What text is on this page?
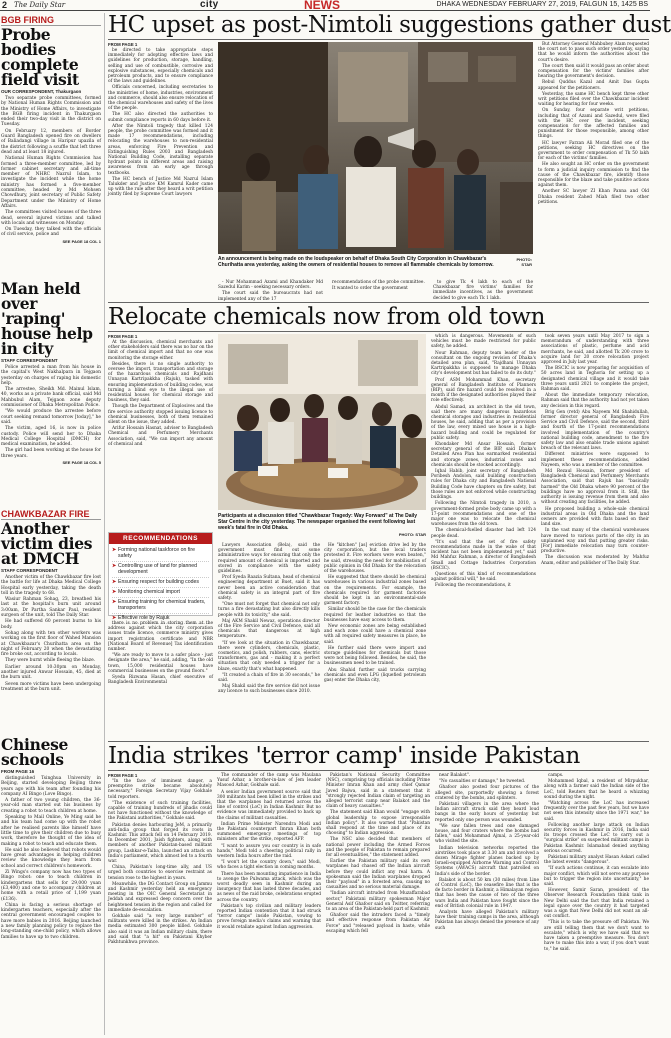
2 The Daily Star	city	NEWS	DHAKA WEDNESDAY FEBRUARY 27, 2019, FALGUN 15, 1425 BS
BGB FIRING
Probe bodies complete field visit
OUR CORRESPONDENT, Thakurgaon

Two separate probe committees, formed by National Human Rights Commission and the Ministry of Home Affairs, to investigate the BGB firing incident in Thakurgaon ended their two-day visit in the district on Tuesday.

On February 12, members of Border Guard Bangladesh opened fire on dwellers of Baliadangi village in Haripur upazila of the district following a scuffle that left three dead and at least 18 injured.

National Human Rights Commission has formed a three-member committee, led by former cabinet secretary and all-time member of NHRC Nazrul Islam, to investigate the incident while the home ministry has formed a five-member committee, headed by Md Mohsen Chowdhury, joint secretary of Public Safety Department under the Ministry of Home Affairs.

The committees visited houses of the three dead, several injured victims and talked with locals and witnesses on Monday.

On Tuesday, they talked with the officials of civil service, police and

SEE PAGE 18 COL 1
Man held over 'raping' house help in city
STAFF CORRESPONDENT

Police arrested a man from his house in the capital's West Nakhalpara in Tejgaon yesterday on charges of raping his domestic help.

The arrestee, Sheikh Md. Mainul Islam, 40, works as a private bank official, said Md Mahbubul Alam, Tejgaon zone deputy commissioner of Dhaka Metropolitan Police.

"We would produce the arrestee before court seeking remand tomorrow [today]," he said.

The victim, aged 16, is now in police custody. Police will send her to Dhaka Medical College Hospital (DMCH) for medical examination, he added.

The girl had been working at the house for three years.

SEE PAGE 18 COL 5
CHAWKBAZAR FIRE
Another victim dies at DMCH
STAFF CORRESPONDENT

Another victim of the Chawkbazar fire lost the battle for life at Dhaka Medical College Hospital early yesterday, taking the death toll in the tragedy to 68.

Wasiur Rahman Sohag, 23, breathed his last at the hospital's burn unit around 3:00am, Dr Partha Sankar Paul, resident surgeon of the unit, told The Daily Star.

He had suffered 60 percent burns to his body.

Sohag along with ten other workers was working on the first floor of Wahed Mansion at Chawkbazar's Churihatta area on the night of February 20 when the devastating fire broke out, according to locals.

They were burnt while fleeing the blaze.

Earlier around 10:30pm on Monday, another injured Anwar Hossain, 45, died at the burn unit.

Seven more victims have been undergoing treatment at the burn unit.

Chinese schools
FROM PAGE 16

distinguished Tsinghua University in Beijing, started developing Beijing three years ago with his team after founding his company AI Bingo (Love Bingo).

A father of two young children, the 36-year-old man started out his business by creating a robot to teach children at home.

Speaking to Mail Online, Ye Ming said he and his team had come up with the robot after he realised parents like himself have little time to give their children due to busy work, therefore he thought of the idea of making a robot to teach and educate them.

He said he also believed that robots would have great advantages in helping children review the knowledge they learn from school and correct children's homework.

Zi Wings's company now has two types of Bingo robot: one to teach children in kindergartens that sells for 29,000 yuan (£3,400) and one to accompany children at home with a retail price of 1,199 yuan (£136).

China is facing a serious shortage of kindergarten teachers, especially after the central government encouraged couples to have more babies in 2016. Beijing launched a new family planning policy to replace the long-standing one-child policy, which allows families to have up to two children.

HC upset as post-Nimtoli suggestions gather dust
FROM PAGE 1

be directed to take appropriate steps immediately for adopting effective laws and guidelines for production, storage, handling, selling and use of combustible, corrosive and explosive substances, especially chemicals and petroleum products, and to ensure compliance of the laws and guidelines.

Officials concerned, including secretaries to the ministries of home, industries, environment and commerce, should also ensure relocation of the chemical warehouses and safety of the lives of the people.

The HC also directed the authorities to submit compliance reports in 60 days before it.

After the Nimtoli tragedy that killed 124 people, the probe committee was formed and it made 17 recommendations, including relocating the warehouses to non-residential areas, enforcing Fire Prevention and Extinguishing Rules 2003 and Bangladesh National Building Code, installing separate hydrant points in different areas and raising awareness from an early age through textbooks.

The HC bench of Justice Md Nazrul Islam Talukder and Justice KM Kamrul Kader came up with the rule after they heard a writ petition jointly filed by Supreme Court lawyers

An announcement is being made on the loudspeaker on behalf of Dhaka South City Corporation in Chawkbazar's Churihatta area yesterday, asking the owners of residential houses to remove all flammable chemicals by tomorrow.
PHOTO: STAR

- Nur Mohammad Azami and Khandaker Md Sazedul Karim - seeking necessary orders.

The court said the bureaucrats had not implemented any of the 17

recommendations of the probe committee.

It wanted to order the government

to give Tk 4 lakh to each of the Chawkbazar fire victims' families for immediate incentives, as the government decided to give each Tk 1 lakh.

But Attorney General Mahbubey Alam requested the court not to pass such order yesterday, saying that he would inform the authorities about the court's desire.

The court then said it would pass an order about compensation for the victims' families after hearing the government's decision.

Rebul Quddus Kazal and Amit Das Gupta appeared for the petitioners.

Yesterday, the same HC bench kept three other writ petitions filed over the Chawkbazar incident waiting for hearing for four weeks.

On Sunday, four separate writ petitions, including that of Azami and Sazedul, were filed with the HC over the incident, seeking compensation for the affected families and punishment for those responsible, among other things.

HC lawyer Farzan Ali Morad filed one of the petitions, seeking HC directives on the government to order compensation of Tk 50 lakh for each of the victims' families.

He also sought an HC order on the government to form a judicial inquiry commission to find the cause of the Chawkbazar fire, identify those responsible for the blaze and take punitive actions against them.

Another SC lawyer ZI Khan Panna and Old Dhaka resident Zahed Miah filed two other petitions.

Relocate chemicals now from old town
FROM PAGE 1

At the discussion, chemical merchants and other stakeholders said there was no bar on the limit of chemical import and that no one was monitoring the storage either.

Besides, there is no single authority to oversee the import, transportation and storage of the hazardous chemicals and Rajdhani Unnayan Kartripakkha (Rajuk), tasked with ensuring implementation of building codes, was turning a blind eye to the illegal use of residential houses for chemical storage and business, they said.

Though the Department of Explosives and the fire service authority stopped issuing licence to chemical businesses, both of them remained silent on the issue, they added.

Arifur Hossain Hasnat, adviser to Bangladesh Chemical and Perfumery Merchants Association, said, "We can import any amount of chemical and

RECOMMENDATIONS
➤ Forming national taskforce on fire safety
➤ Controlling use of land for planned development
➤ Ensuring respect for building codes
➤ Monitoring chemical import
➤ Ensuring training for chemical traders, transporters
➤ Effective role by Rajuk

there is no problem in storing them at the address against which the city corporation issues trade licence, commerce ministry gives import registration certificate and NBR [National Board of Revenue] Tax identification number.

"We are ready to move to a safer place - just designate the area," he said, adding, "In the old town, 15,000 residential houses have commercial businesses on the ground floors."

Syeda Rizwana Hasan, chief executive of Bangladesh Environmental

Participants at a discussion titled "Chawkbazar Tragedy: Way Forward" at The Daily Star Centre in the city yesterday. The newspaper organised the event following last week's fatal fire in Old Dhaka.
PHOTO: STAR

Lawyers Association (Bela), said the government must find out some administrative ways for ensuring that only the required amount of chemical is imported and stored in compliance with the safety guidelines.

Prof Syeda Raazia Sultana, head of chemical engineering department at Buet, said it has never been an active consideration that chemical safety is an integral part of fire safety.

"One must not forget that chemical not only turns a fire devastating but also directly kills people with its toxicity," she said.

Maj AKM Shakil Newaz, operations director of the Fire Service and Civil Defence, said all chemicals that dangerous at high temperature.

"If we look at the situation in Chawkbazar, there were cylinders, chemicals, plastic, cosmetics, and polish, rubbers, cans, electric transformers, gas and - making it a perfect situation that only needed a trigger for a blaze, exactly that's what happened.

"It created a chain of fire in 30 seconds," he said.

Maj Shakil said the fire service did not issue any licence to such businesses since 2010.

He "kitchen" [as] eviction drive led by the city corporation, but the local traders protested it. Fire workers were even beaten," he said, stressing the need for mobilisation of public opinion in Old Dhaka for the relocation of the warehouses.

He suggested that there should be chemical warehouses in various industrial zones based on the requirements. For example, the chemicals required for garment factories should be kept in an environmental-safe garment factory.

Similar should be the case for the chemicals required for leather industries so that the businesses have easy access to them.

New economic zones are being established and each zone could have a chemical zone with all required safety measures in place, he said.

He further said there were import and storage guidelines for chemicals but those were not being followed. Besides, he said, the businessmen need to be trained.

Abu Shahid further said trucks carrying chemicals and even LPG (liquefied petroleum gas) enter the Dhaka city,

which is dangerous. Movements of such vehicles must be made restricted for public safety, he added.

Nour Rahman, deputy team leader of the consultant on the ongoing revision of Dhaka's detailed area plan, said, "Rajdhani Unnayan Kartripakkha is supposed to manage Dhaka city's development but has failed to do its duty."

Prof ASM Mohammad Khan, secretary general of Bangladesh Institute of Planners (BIP), said fire hazard could be resolved in a month if the designated authorities played their role effectively.

Abdul Samad, an architect in the old town, said there are many dangerous hazardous chemical storages and industries in residential houses, he said, adding that as per a provision of the law, every mixed use house is a high-hazard building and could be regulated for public safety.

Khondaker Md Ansar Hossain, former secretary general of the BIP, said Dhaka's Detailed Area Plan has earmarked residential and storage zones, industrial zones and chemicals should be stocked accordingly.

Iqbal Habib, joint secretary of Bangladesh Poribesh Andolon, said building construction rules for Dhaka city and Bangladesh National Building Code have chapters on fire safety, but those rules are not enforced while constructing buildings.

Following the Nimtoli tragedy in 2010, a government-formed probe body came up with a 17-point recommendations and one of the major one was to relocate the chemical warehouses from the old town.

The chemical-fuelled disaster had left 124 people dead.

"It's sad that the set of fire safety recommendations made in the wake of that incident has not been implemented yet," said Md Mahfuz Rahman, a director of Bangladesh Small and Cottage Industries Corporation (BSCIC).

Questions of this kind of recommendations against political will," he said.

Following the recommendations, it

took seven years until May 2017 to sign a memorandum of understanding with three associations of plastic, perfume and acid merchants, he said, and allotted Tk 200 crore to acquire land for 20 crore relocation project approved in July last year.

The BSCIC is now preparing for acquisition of 50 acres land in Teghoria for setting up a designated chemical village and it would take three years until 2021 to complete the project, Rahman said.

About the immediate temporary relocation, Rahman said that the authority had not yet taken any decision in this regard.

Brig Gen (retd) Abu Nayeem Md Shahidullah, former director general of Bangladesh Fire Service and Civil Defence, said the second, third and fourth of the 17-point recommendations involved implementation of the country's national building code, amendment to the fire safety law and also enable trade unions against breach of the relevant laws.

Different ministries were supposed to implement these recommendations, added Nayeem, who was a member of the committee.

Md Rezaul Hossain, former president of Bangladesh Chemical and Perfumery Merchants Association, said that Rajuk has "basically harmed" the Old Dhaka where 90 percent of the buildings have no approval from it. Still, the authority is issuing revenue from them and also without creating any facilities, he added.

He proposed building a whole-sale chemical industrial areas in Old Dhaka and the land owners are provided with flats based on their land size.

In the vast many of the chemical warehouses have moved to various parts of the city in an unplanned way and that putting greater risks. [For] immediate relocation may turn counter-productive.

The discussion was moderated by Mahfuz Anam, editor and publisher of The Daily Star.

India strikes 'terror camp' inside Pakistan
FROM PAGE 1

"In the face of imminent danger, a preemptive strike became absolutely necessary," Foreign Secretary Vijay Gokhale told reporters.

"The existence of such training facilities, capable of training hundreds of jihadis could not have functioned without the knowledge of the Pakistani authorities," Gokhale said.

Pakistan denies harbouring JeM, a primarily anti-India group that forged its roots in Kashmir. This attack fell on 14 February 2019. In December 2001, Jaish fighters, along with members of another Pakistan-based militant group, Lashkar-e-Taiba, launched an attack on India's parliament, which almost led to a fourth war.

China, Pakistan's long-time ally, and US urged both countries to exercise restraint as tension rose to the highest in years.

Meanwhile, the DG Contact Group on Jammu and Kashmir yesterday held an emergency meeting in the OIC General Secretariat in Jeddah and expressed deep concern over the heightened tension in the region and called for immediate de-escalation.

Gokhale said "a very large number" of militants were killed in the strikes. An Indian media estimated 300 people killed. Gokhale also said it was an Indian military claim, there and said that "a hit" on Pakistani Khyber Pakhtunkhwa province.

The commander of the camp was Maulana Yusuf Azhar, a brother-in-law of Jem leader Masood Azhar, Gokhale said.

A senior Indian government source said that 300 militants had been killed in the strikes and that the warplanes had returned across the line of control (LoC) in Indian Kashmir. But no evidence was immediately provided to back up the claims of militant casualties.

Indian Prime Minister Narendra Modi and the Pakistani counterpart Imran Khan both summoned emergency meetings of top ministers after the strike, reported AFP.

"I want to assure you our country is in safe hands," Modi told a cheering political rally in western India hours after the raid.

"I won't let the country down," said Modi, who faces a tight election in coming months.

There has been mounting impatience in India to avenge the Pulwama attack, which was the worst deadly seen in Kashmir during an insurgency that has lasted three decades, and as news of the raid broke, celebrations erupted across the country.

Pakistan's top civilian and military leaders reported Indian contention that it had struck "terror camps" inside Pakistan, vowing to prove foreign media's claims and warning that it would retaliate against Indian aggression.

Pakistan's National Security Committee (NSC), comprising top officials including Prime Minister Imran Khan and army chief Qamar Javed Bajwa, said in a statement that it "strongly rejected Indian claim of targeting an alleged terrorist camp near Balakot and the claim of heavy casualties."

The statement said Khan would "engage with global leadership to expose irresponsible Indian policy". It also warned that "Pakistan shall respond at the time and place of its choosing" to Indian aggression.

The NSC also decided that members of national power including the Armed Forces and the people of Pakistan to remain prepared for all eventualities," the statement added.

Earlier the Pakistan military said its own warplanes had chased off the Indian aircraft before they could inflict any real harm. A spokesman said the Indian warplanes dropped their "payload" in a forested area, causing no casualties and no serious material damage.

"Indian aircraft intruded from Muzaffarabad sector," Pakistani military spokesman Major General Asif Ghafoor said on Twitter, referring to an area of the Pakistan-held part of Kashmir.

Ghafoor said the intruders faced a "timely and effective response from Pakistan Air Force" and "released payload in haste, while escaping which fell

near Balakot".

"No casualties or damage," he tweeted.

Ghafoor also posted four pictures of the alleged site, purportedly showing a forest cratered by the bombs, and splinters.

Pakistani villagers in the area where the Indian aircraft struck said they heard loud bangs in the early hours of yesterday but reported only one person was wounded.

"We saw fallen trees and one damaged house, and four craters where the bombs had fallen," said Mohammad Ajmal, a 25-year-old who visited the site.

Indian television networks reported the airstrikes took place at 3.30 am and involved a dozen Mirage fighter planes backed up by Israeli-equipped Airborne Warning and Control Systems (AWACS) aircraft that patrolled on India's side of the border.

Balakot is about 50 km (30 miles) from Line of Control (LoC), the ceasefire line that is the de facto border in Kashmir, a Himalayan region that has been the cause of two of the three wars India and Pakistan have fought since the end of British colonial rule in 1947.

Analysts have alleged Pakistan's military have their training camps in the area, although Pakistan has always denied the presence of any such

camps.

Mohammed Iqbal, a resident of Mirpukhar, along with a farmer said the Indian side of the LoC, told Reuters that he heard a whizzing sound during the night.

"Watching across the LoC has increased frequently over the past few years, but we have not seen this intensity since the 1971 war," he said.

Following another large attack on Indian security forces in Kashmir in 2016, India said its troops crossed the LoC to carry out a "surgical strike" on suspected militant camps in Pakistan Kashmir. Islamabad denied anything serious occurred.

Pakistani military analyst Hasan Askari called the latest events "dangerous".

"If such actions continue, it can escalate into major conflict, which will not serve any purpose but to trigger the region into uncertainty," he said.

However, Samir Saran, president of the Observer Research Foundation think tank in New Delhi said the fact that India retained a legal space over the country it had targeted was a sign that New Delhi did not want an all-out conflict.

"This is to take the pressure off Pakistan. We are still telling them that we don't want to escalate," which is why we have said that we have taken a preemptive measure. You don't have to make this into a war, if you don't want to," he said.
